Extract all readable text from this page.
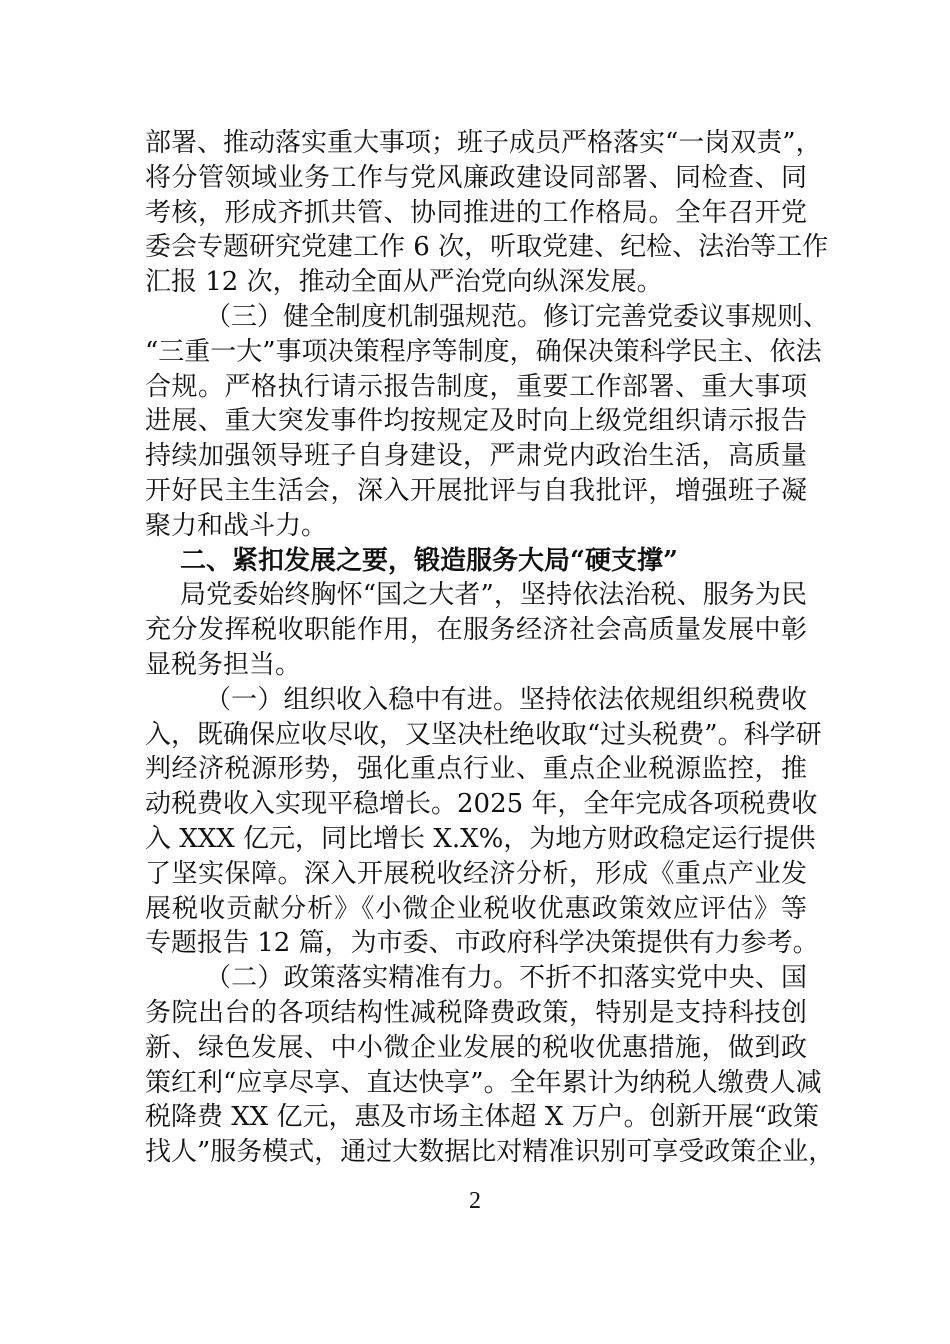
部署、推动落实重大事项；班子成员严格落实“一岗双责”，
将分管领域业务工作与党风廉政建设同部署、同检查、同
考核，形成齐抓共管、协同推进的工作格局。全年召开党
委会专题研究党建工作 6 次，听取党建、纪检、法治等工作
汇报 12 次，推动全面从严治党向纵深发展。
（三）健全制度机制强规范。修订完善党委议事规则、
“三重一大”事项决策程序等制度，确保决策科学民主、依法
合规。严格执行请示报告制度，重要工作部署、重大事项
进展、重大突发事件均按规定及时向上级党组织请示报告
持续加强领导班子自身建设，严肃党内政治生活，高质量
开好民主生活会，深入开展批评与自我批评，增强班子凝
聚力和战斗力。
二、紧扣发展之要，锻造服务大局“硬支撑”
局党委始终胸怀“国之大者”，坚持依法治税、服务为民
充分发挥税收职能作用，在服务经济社会高质量发展中彰
显税务担当。
（一）组织收入稳中有进。坚持依法依规组织税费收
入，既确保应收尽收，又坚决杜绝收取“过头税费”。科学研
判经济税源形势，强化重点行业、重点企业税源监控，推
动税费收入实现平稳增长。2025 年，全年完成各项税费收
入 XXX 亿元，同比增长 X.X%，为地方财政稳定运行提供
了坚实保障。深入开展税收经济分析，形成《重点产业发
展税收贡献分析》《小微企业税收优惠政策效应评估》等
专题报告 12 篇，为市委、市政府科学决策提供有力参考。
（二）政策落实精准有力。不折不扣落实党中央、国
务院出台的各项结构性减税降费政策，特别是支持科技创
新、绿色发展、中小微企业发展的税收优惠措施，做到政
策红利“应享尽享、直达快享”。全年累计为纳税人缴费人减
税降费 XX 亿元，惠及市场主体超 X 万户。创新开展“政策
找人”服务模式，通过大数据比对精准识别可享受政策企业，
2
